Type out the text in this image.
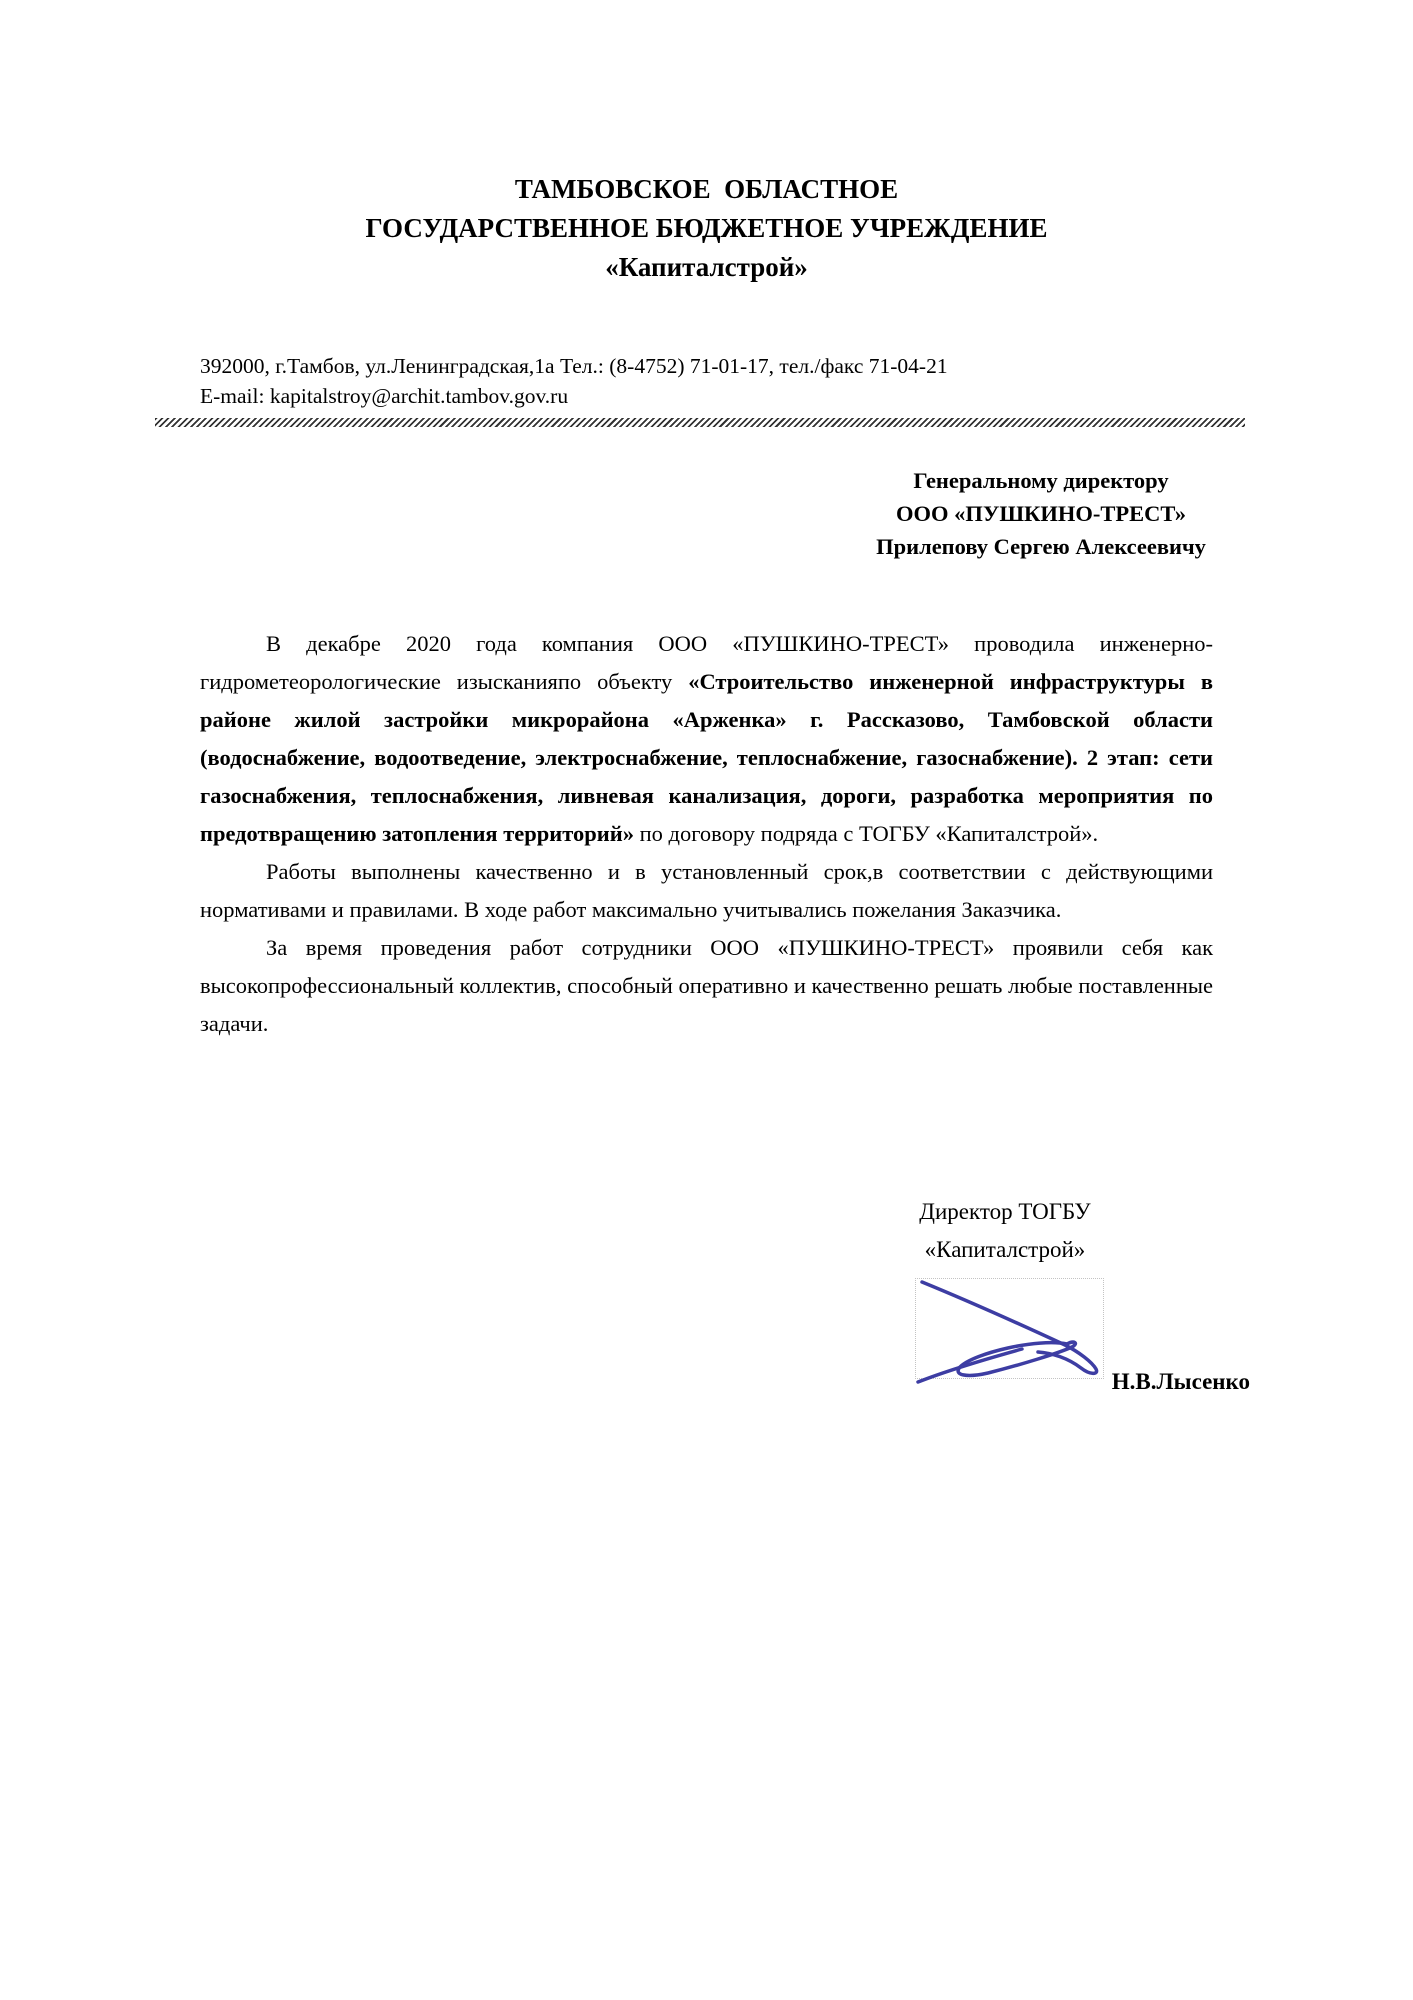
ТАМБОВСКОЕ  ОБЛАСТНОЕ
ГОСУДАРСТВЕННОЕ БЮДЖЕТНОЕ УЧРЕЖДЕНИЕ
«Капиталстрой»
392000, г.Тамбов, ул.Ленинградская,1а Тел.: (8-4752) 71-01-17, тел./факс 71-04-21
E-mail: kapitalstroy@archit.tambov.gov.ru
Генеральному директору
ООО «ПУШКИНО-ТРЕСТ»
Прилепову Сергею Алексеевичу

В декабре 2020 года компания ООО «ПУШКИНО-ТРЕСТ» проводила инженерно-гидрометеорологические изысканияпо объекту «Строительство инженерной инфраструктуры в районе жилой застройки микрорайона «Арженка» г. Рассказово, Тамбовской области (водоснабжение, водоотведение, электроснабжение, теплоснабжение, газоснабжение). 2 этап: сети газоснабжения, теплоснабжения, ливневая канализация, дороги, разработка мероприятия по предотвращению затопления территорий» по договору подряда с ТОГБУ «Капиталстрой».

Работы выполнены качественно и в установленный срок,в соответствии с действующими нормативами и правилами. В ходе работ максимально учитывались пожелания Заказчика.

За время проведения работ сотрудники ООО «ПУШКИНО-ТРЕСТ» проявили себя как высокопрофессиональный коллектив, способный оперативно и качественно решать любые поставленные задачи.

Директор ТОГБУ
«Капиталстрой»
Н.В.Лысенко
